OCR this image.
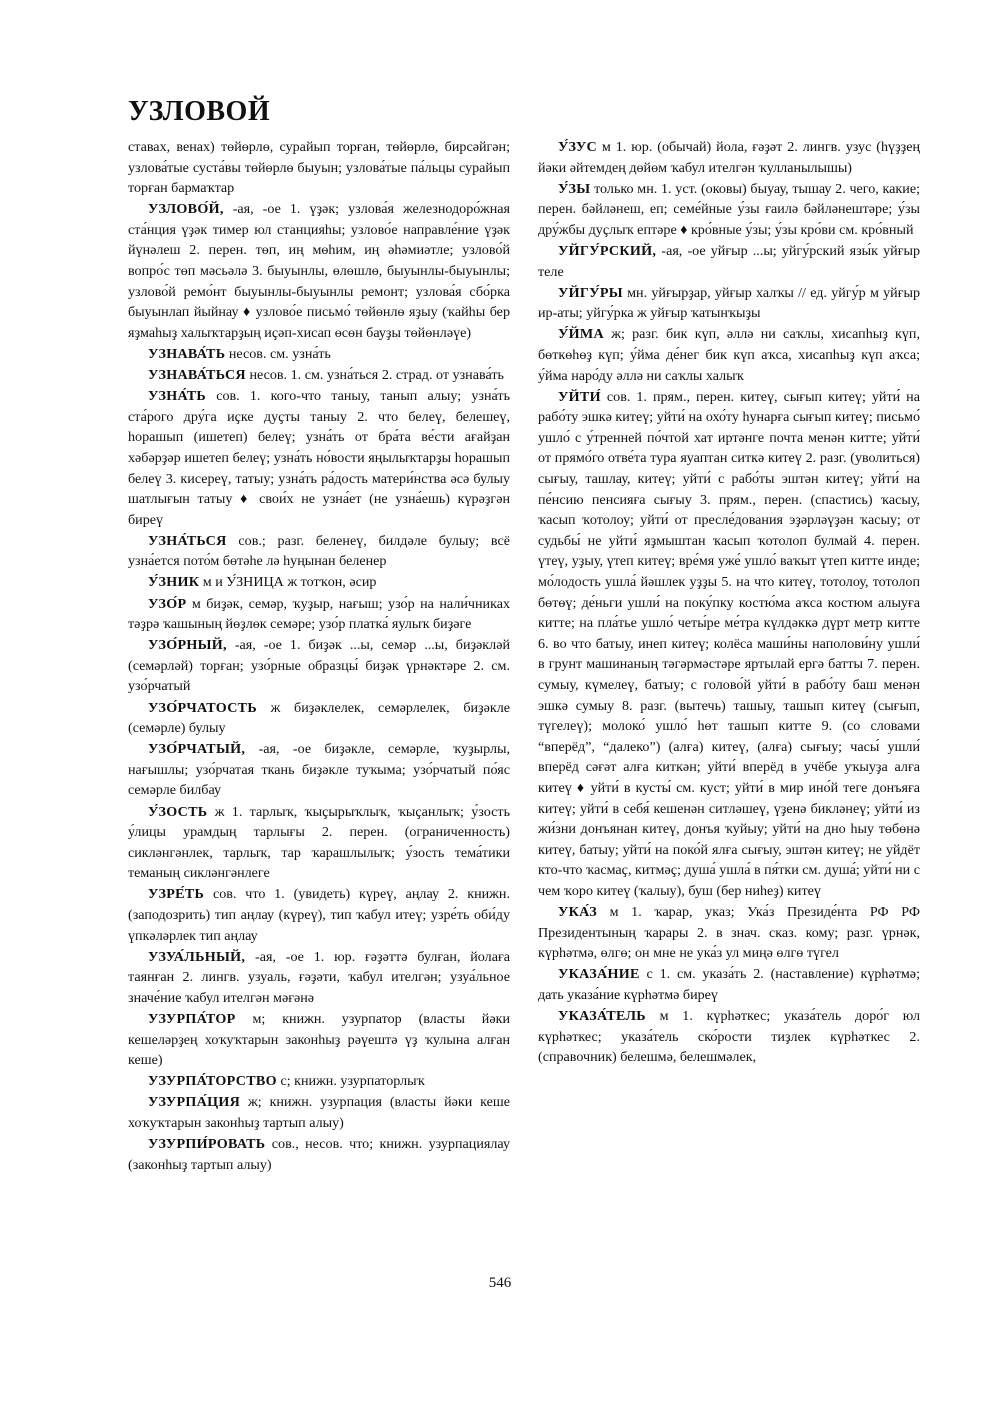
УЗЛОВОЙ

ставах, венах) төйөрлө, сурайып торған, төйөрлө, бирсәйгән; узлова́тые суста́вы төйөрлө быуын; узлова́тые па́льцы сурайып торған бармаҡтар

УЗЛОВО́Й, -ая, -ое 1. үҙәк; узлова́я железнодоро́жная ста́нция үҙәк тимер юл станцияһы; узлово́е направле́ние үҙәк йүнәлеш 2. перен. төп, иң мөһим, иң әһәмиәтле; узлово́й вопро́с төп мәсьәлә 3. быуынлы, өлөшлө, быуынлы-быуынлы; узлово́й ремо́нт быуынлы-быуынлы ремонт; узлова́я сбо́рка быуынлап йыйнау ♦ узлово́е письмо́ төйөнлө яҙыу (ҡайһы бер яҙмаһыҙ халыҡтарҙың иҫәп-хисап өсөн бауҙы төйөнләүе)

УЗНАВА́ТЬ несов. см. узна́ть

УЗНАВА́ТЬСЯ несов. 1. см. узна́ться 2. страд. от узнава́ть

УЗНА́ТЬ сов. 1. кого-что таныу, танып алыу; узна́ть ста́рого дру́га иҫке дуҫты таныу 2. что белеү, белешеү, һорашып (ишетеп) белеү; узна́ть от бра́та ве́сти ағайҙан хәбәрҙәр ишетеп белеү; узна́ть но́вости яңылыҡтарҙы һорашып белеү 3. кисереү, татыу; узна́ть ра́дость матери́нства әсә булыу шатлығын татыу ♦ свои́х не узна́ет (не узна́ешь) күрәҙгән биреү

УЗНА́ТЬСЯ сов.; разг. беленеү, билдәле булыу; всё узна́ется пото́м бөтәһе лә һуңынан беленер

У́ЗНИК м и У́ЗНИЦА ж тотҡон, әсир

УЗО́Р м биҙәк, семәр, ҡуҙыр, нағыш; узо́р на нали́чниках тәҙрә ҡашының йөҙлөк семәре; узо́р платка́ яулыҡ биҙәге

УЗО́РНЫЙ, -ая, -ое 1. биҙәк ...ы, семәр ...ы, биҙәкләй (семәрләй) торған; узо́рные образцы́ биҙәк үрнәктәре 2. см. узо́рчатый

УЗО́РЧАТОСТЬ ж биҙәклелек, семәрлелек, биҙәкле (семәрле) булыу

УЗО́РЧАТЫЙ, -ая, -ое биҙәкле, семәрле, ҡуҙырлы, нағышлы; узо́рчатая ткань биҙәкле туҡыма; узо́рчатый по́яс семәрле билбау

У́ЗОСТЬ ж 1. тарлыҡ, ҡыҫырыҡлыҡ, ҡыҫанлыҡ; у́зость у́лицы урамдың тарлығы 2. перен. (ограниченность) сикләнгәнлек, тарлыҡ, тар ҡарашлылыҡ; у́зость тема́тики теманың сикләнгәнлеге

УЗРЕ́ТЬ сов. что 1. (увидеть) күреү, аңлау 2. книжн. (заподозрить) тип аңлау (күреү), тип ҡабул итеү; узре́ть оби́ду үпкәләрлек тип аңлау

УЗУА́ЛЬНЫЙ, -ая, -ое 1. юр. ғәҙәттә булған, йолаға таянған 2. лингв. узуаль, ғәҙәти, ҡабул ителгән; узуа́льное значе́ние ҡабул ителгән мәғәнә

УЗУРПА́ТОР м; книжн. узурпатор (власты йәки кешеләрҙең хоҡуҡтарын законһыҙ рәүештә үҙ ҡулына алған кеше)

УЗУРПА́ТОРСТВО с; книжн. узурпаторлыҡ

УЗУРПА́ЦИЯ ж; книжн. узурпация (власты йәки кеше хоҡуҡтарын законһыҙ тартып алыу)

УЗУРПИ́РОВАТЬ сов., несов. что; книжн. узурпациялау (законһыҙ тартып алыу)

У́ЗУС м 1. юр. (обычай) йола, ғәҙәт 2. лингв. узус (һүҙҙең йәки әйтемдең дөйөм ҡабул ителгән ҡулланылышы)

У́ЗЫ только мн. 1. уст. (оковы) быуау, тышау 2. чего, какие; перен. бәйләнеш, еп; семе́йные у́зы ғаилә бәйләнештәре; у́зы дру́жбы дуҫлыҡ ептәре ♦ кро́вные у́зы; у́зы кро́ви см. кро́вный

УЙГУ́РСКИЙ, -ая, -ое уйғыр ...ы; уйгу́рский язы́к уйғыр теле

УЙГУ́РЫ мн. уйғырҙар, уйғыр халҡы // ед. уйгу́р м уйғыр ир-аты; уйгу́рка ж уйғыр ҡатынҡыҙы

У́ЙМА ж; разг. бик күп, әллә ни саҡлы, хисапһыҙ күп, бөткөһөҙ күп; у́йма де́нег бик күп аҡса, хисапһыҙ күп аҡса; у́йма наро́ду әллә ни саҡлы халыҡ

УЙТИ́ сов. 1. прям., перен. китеү, сығып китеү; уйти́ на рабо́ту эшкә китеү; уйти́ на охо́ту һунарға сығып китеү; письмо́ ушло́ с у́тренней по́чтой хат иртәнге почта менән китте; уйти́ от прямо́го отве́та тура яуаптан ситкә китеү 2. разг. (уволиться) сығыу, ташлау, китеү; уйти́ с рабо́ты эштән китеү; уйти́ на пе́нсию пенсияға сығыу 3. прям., перен. (спастись) ҡасыу, ҡасып ҡотолоу; уйти́ от пресле́дования эҙәрләүҙән ҡасыу; от судьбы́ не уйти́ яҙмыштан ҡасып ҡотолоп булмай 4. перен. үтеү, уҙыу, үтеп китеү; вре́мя уже́ ушло́ ваҡыт үтеп китте инде; мо́лодость ушла́ йәшлек уҙҙы 5. на что китеү, тотолоу, тотолоп бөтөү; де́ньги ушли́ на поку́пку костю́ма аҡса костюм алыуға китте; на пла́тье ушло́ четы́ре ме́тра күлдәккә дүрт метр китте 6. во что батыу, инеп китеү; колёса маши́ны наполови́ну ушли́ в грунт машинаның тәгәрмәстәре яртылай ергә батты 7. перен. сумыу, күмелеү, батыу; с голово́й уйти́ в рабо́ту баш менән эшкә сумыу 8. разг. (вытечь) ташыу, ташып китеү (сығып, түгелеү); молоко́ ушло́ һөт ташып китте 9. (со словами “вперёд”, “далеко”) (алға) китеү, (алға) сығыу; часы́ ушли́ вперёд сәғәт алға киткән; уйти́ вперёд в учёбе уҡыуҙа алға китеү ♦ уйти́ в кусты́ см. куст; уйти́ в мир ино́й теге донъяға китеү; уйти́ в себя́ кешенән ситләшеү, үҙенә бикләнеү; уйти́ из жи́зни донъянан китеү, донъя ҡуйыу; уйти́ на дно һыу төбөнә китеү, батыу; уйти́ на поко́й ялға сығыу, эштән китеү; не уйдёт кто-что ҡасмаҫ, китмәҫ; душа́ ушла́ в пя́тки см. душа́; уйти́ ни с чем ҡоро китеү (ҡалыу), буш (бер ниһеҙ) китеү

УКА́З м 1. ҡарар, указ; Ука́з Президе́нта РФ РФ Президентының ҡарары 2. в знач. сказ. кому; разг. үрнәк, күрһәтмә, өлгө; он мне не ука́з ул миңә өлгө түгел

УКАЗА́НИЕ с 1. см. указа́ть 2. (наставление) күрһәтмә; дать указа́ние күрһәтмә биреү

УКАЗА́ТЕЛЬ м 1. күрһәткес; указа́тель доро́г юл күрһәткес; указа́тель ско́рости тиҙлек күрһәткес 2. (справочник) белешмә, белешмәлек,

546
